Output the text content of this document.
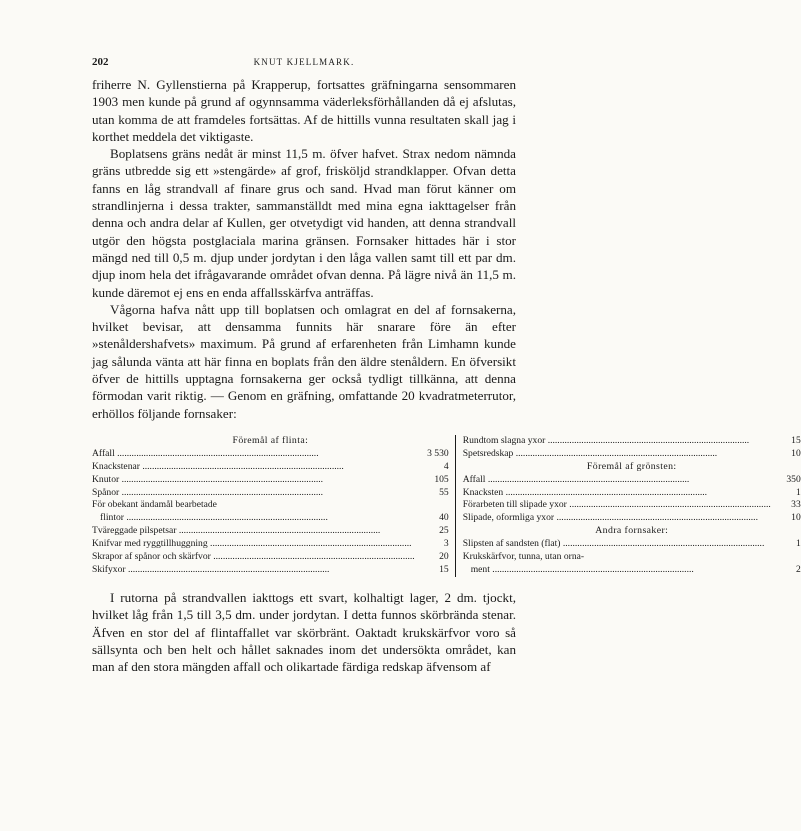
202	KNUT KJELLMARK.

friherre N. Gyllenstierna på Krapperup, fortsattes gräfningarna sensommaren 1903 men kunde på grund af ogynnsamma väderleksförhållanden då ej afslutas, utan komma de att framdeles fortsättas. Af de hittills vunna resultaten skall jag i korthet meddela det viktigaste.

Boplatsens gräns nedåt är minst 11,5 m. öfver hafvet. Strax nedom nämnda gräns utbredde sig ett »stengärde» af grof, frisköljd strandklapper. Ofvan detta fanns en låg strandvall af finare grus och sand. Hvad man förut känner om strandlinjerna i dessa trakter, sammanställdt med mina egna iakttagelser från denna och andra delar af Kullen, ger otvetydigt vid handen, att denna strandvall utgör den högsta postglaciala marina gränsen. Fornsaker hittades här i stor mängd ned till 0,5 m. djup under jordytan i den låga vallen samt till ett par dm. djup inom hela det ifrågavarande området ofvan denna. På lägre nivå än 11,5 m. kunde däremot ej ens en enda affallsskärfva anträffas.

Vågorna hafva nått upp till boplatsen och omlagrat en del af fornsakerna, hvilket bevisar, att densamma funnits här snarare före än efter »stenåldershafvets» maximum. På grund af erfarenheten från Limhamn kunde jag sålunda vänta att här finna en boplats från den äldre stenåldern. En öfversikt öfver de hittills upptagna fornsakerna ger också tydligt tillkänna, att denna förmodan varit riktig. — Genom en gräfning, omfattande 20 kvadratmeterrutor, erhöllos följande fornsaker:

Föremål af flinta:
Affall .....	3 530
Knackstenar .....	4
Knutor .....	105
Spånor .....	55
För obekant ändamål bearbetade
flintor .....	40
Tväreggade pilspetsar .....	25
Knifvar med ryggtillhuggning .....	3
Skrapor af spånor och skärfvor .....	20
Skifyxor .....	15
Rundtom slagna yxor .....	15
Spetsredskap .....	10
Föremål af grönsten:
Affall .....	350
Knacksten .....	1
Förarbeten till slipade yxor .....	33
Slipade, oformliga yxor .....	10
Andra fornsaker:
Slipsten af sandsten (flat) .....	1
Krukskärfvor, tunna, utan orna-
ment .....	2

I rutorna på strandvallen iakttogs ett svart, kolhaltigt lager, 2 dm. tjockt, hvilket låg från 1,5 till 3,5 dm. under jordytan. I detta funnos skörbrända stenar. Äfven en stor del af flintaffallet var skörbränt. Oaktadt krukskärfvor voro så sällsynta och ben helt och hållet saknades inom det undersökta området, kan man af den stora mängden affall och olikartade färdiga redskap äfvensom af
